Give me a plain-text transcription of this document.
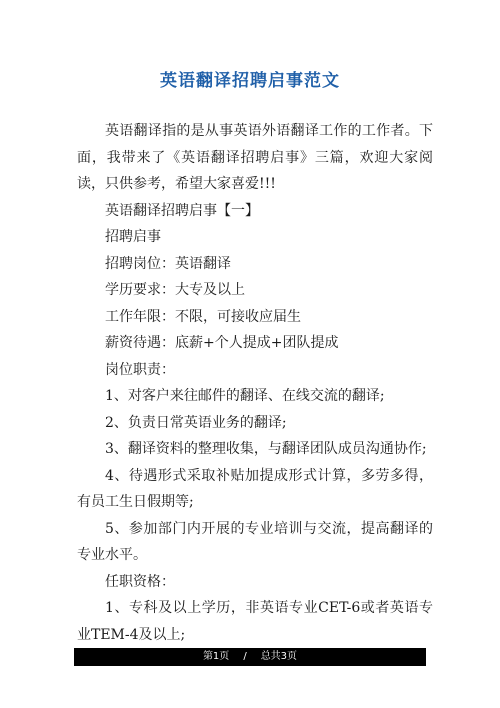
英语翻译招聘启事范文

英语翻译指的是从事英语外语翻译工作的工作者。下面，我带来了《英语翻译招聘启事》三篇，欢迎大家阅读，只供参考，希望大家喜爱!!!

英语翻译招聘启事【一】

招聘启事

招聘岗位：英语翻译

学历要求：大专及以上

工作年限：不限，可接收应届生

薪资待遇：底薪+个人提成+团队提成

岗位职责：

1、对客户来往邮件的翻译、在线交流的翻译;

2、负责日常英语业务的翻译;

3、翻译资料的整理收集，与翻译团队成员沟通协作;

4、待遇形式采取补贴加提成形式计算，多劳多得，有员工生日假期等;

5、参加部门内开展的专业培训与交流，提高翻译的专业水平。

任职资格：

1、专科及以上学历，非英语专业CET-6或者英语专业TEM-4及以上;

第1页 / 总共3页
